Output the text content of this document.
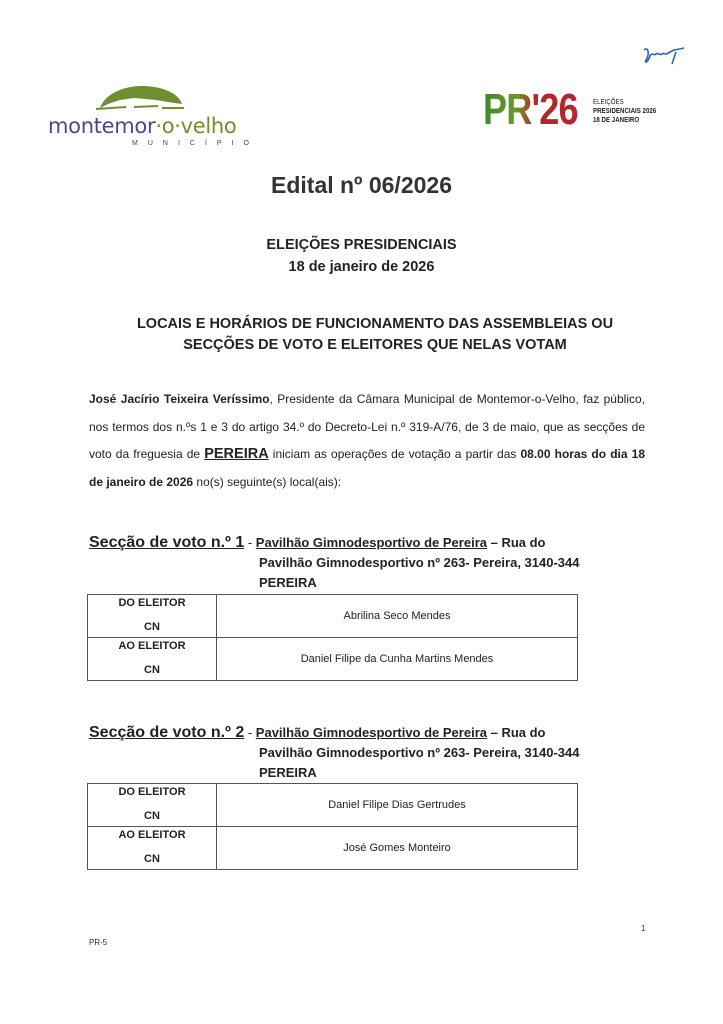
montemor·o·velho
MUNICÍPIO
PR'26 ELEIÇÕES
PRESIDENCIAIS 2026
18 DE JANEIRO
Edital nº 06/2026
ELEIÇÕES PRESIDENCIAIS
18 de janeiro de 2026
LOCAIS E HORÁRIOS DE FUNCIONAMENTO DAS ASSEMBLEIAS OU
SECÇÕES DE VOTO E ELEITORES QUE NELAS VOTAM
José Jacírio Teixeira Veríssimo, Presidente da Câmara Municipal de Montemor-o-Velho, faz público, nos termos dos n.ºs 1 e 3 do artigo 34.º do Decreto-Lei n.º 319-A/76, de 3 de maio, que as secções de voto da freguesia de PEREIRA iniciam as operações de votação a partir das 08.00 horas do dia 18 de janeiro de 2026 no(s) seguinte(s) local(ais):
Secção de voto n.º 1 - Pavilhão Gimnodesportivo de Pereira – Rua do
Pavilhão Gimnodesportivo nº 263- Pereira, 3140-344
PEREIRA
DO ELEITOR
CN	Abrilina Seco Mendes

AO ELEITOR
CN	Daniel Filipe da Cunha Martins Mendes
Secção de voto n.º 2 - Pavilhão Gimnodesportivo de Pereira – Rua do
Pavilhão Gimnodesportivo nº 263- Pereira, 3140-344
PEREIRA
DO ELEITOR
CN	Daniel Filipe Dias Gertrudes

AO ELEITOR
CN	José Gomes Monteiro
PR-5
1
